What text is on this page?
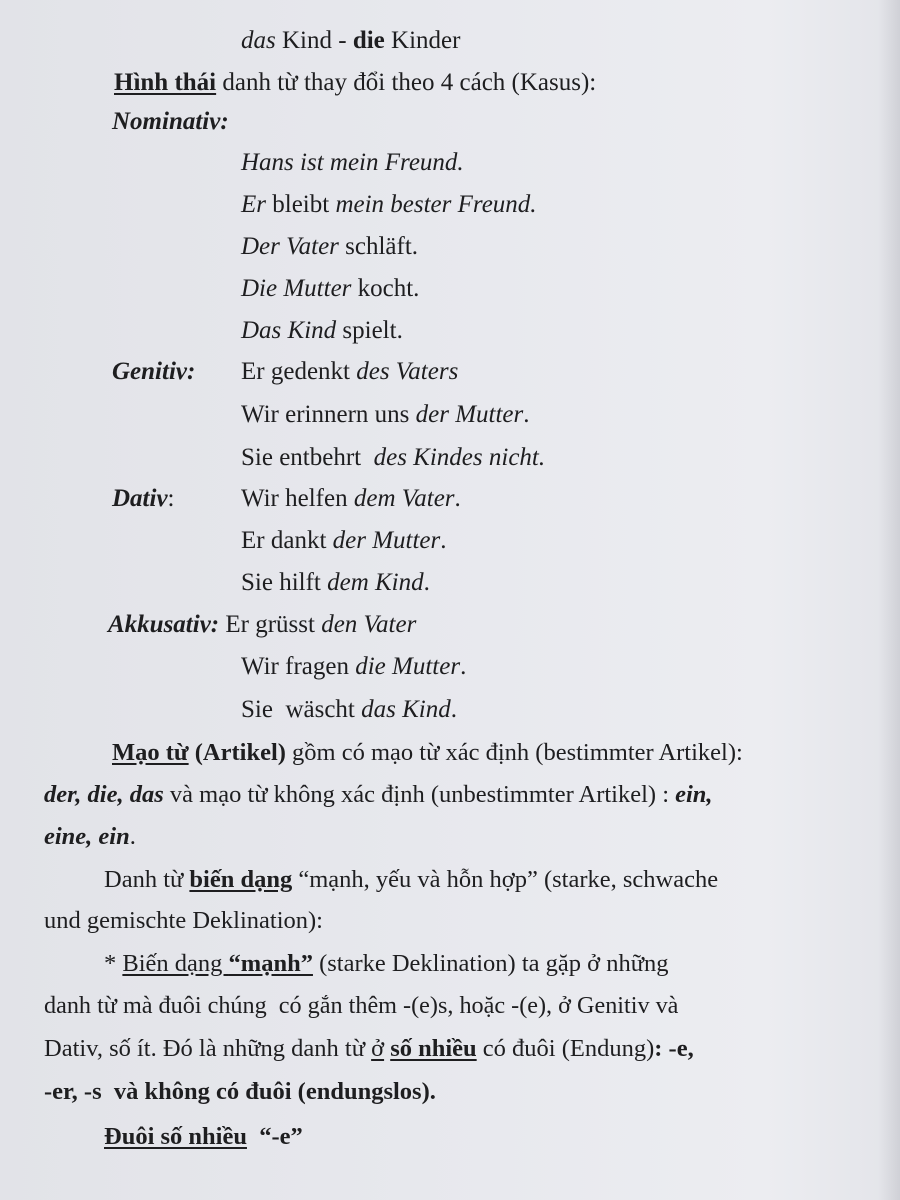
das Kind - die Kinder
Hình thái danh từ thay đổi theo 4 cách (Kasus):
Nominativ:
Hans ist mein Freund.
Er bleibt mein bester Freund.
Der Vater schläft.
Die Mutter kocht.
Das Kind spielt.
Genitiv: Er gedenkt des Vaters
Wir erinnern uns der Mutter.
Sie entbehrt  des Kindes nicht.
Dativ:	Wir helfen dem Vater.
Er dankt der Mutter.
Sie hilft dem Kind.
Akkusativ: Er grüsst den Vater
Wir fragen die Mutter.
Sie  wäscht das Kind.
Mạo từ (Artikel) gồm có mạo từ xác định (bestimmter Artikel):
der, die, das và mạo từ không xác định (unbestimmter Artikel) : ein,
eine, ein.
Danh từ biến dạng “mạnh, yếu và hỗn hợp” (starke, schwache
und gemischte Deklination):
* Biến dạng “mạnh” (starke Deklination) ta gặp ở những
danh từ mà đuôi chúng  có gắn thêm -(e)s, hoặc -(e), ở Genitiv và
Dativ, số ít. Đó là những danh từ ở số nhiều có đuôi (Endung): -e,
-er, -s  và không có đuôi (endungslos).
Đuôi số nhiều “-e”
